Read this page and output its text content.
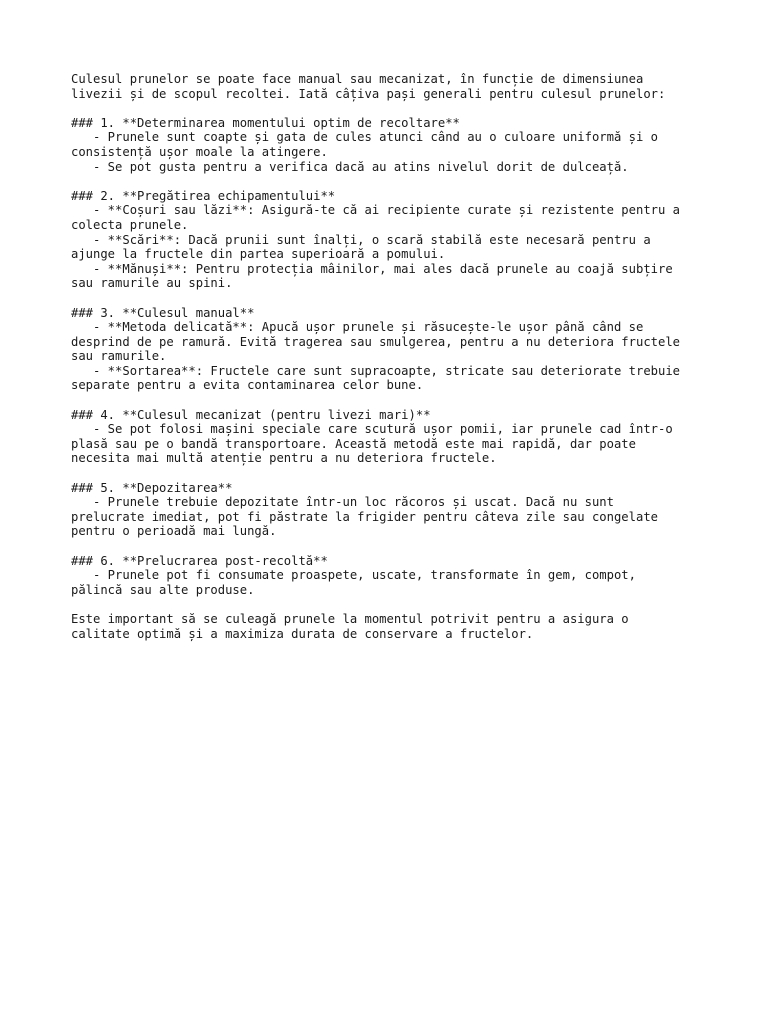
Culesul prunelor se poate face manual sau mecanizat, în funcție de dimensiunea
livezii și de scopul recoltei. Iată câțiva pași generali pentru culesul prunelor:
### 1. **Determinarea momentului optim de recoltare**
- Prunele sunt coapte și gata de cules atunci când au o culoare uniformă și o
consistență ușor moale la atingere.
- Se pot gusta pentru a verifica dacă au atins nivelul dorit de dulceață.
### 2. **Pregătirea echipamentului**
- **Coșuri sau lăzi**: Asigură-te că ai recipiente curate și rezistente pentru a
colecta prunele.
- **Scări**: Dacă prunii sunt înalți, o scară stabilă este necesară pentru a
ajunge la fructele din partea superioară a pomului.
- **Mănuși**: Pentru protecția mâinilor, mai ales dacă prunele au coajă subțire
sau ramurile au spini.
### 3. **Culesul manual**
- **Metoda delicată**: Apucă ușor prunele și răsucește-le ușor până când se
desprind de pe ramură. Evită tragerea sau smulgerea, pentru a nu deteriora fructele
sau ramurile.
- **Sortarea**: Fructele care sunt supracoapte, stricate sau deteriorate trebuie
separate pentru a evita contaminarea celor bune.
### 4. **Culesul mecanizat (pentru livezi mari)**
- Se pot folosi mașini speciale care scutură ușor pomii, iar prunele cad într-o
plasă sau pe o bandă transportoare. Această metodă este mai rapidă, dar poate
necesita mai multă atenție pentru a nu deteriora fructele.
### 5. **Depozitarea**
- Prunele trebuie depozitate într-un loc răcoros și uscat. Dacă nu sunt
prelucrate imediat, pot fi păstrate la frigider pentru câteva zile sau congelate
pentru o perioadă mai lungă.
### 6. **Prelucrarea post-recoltă**
- Prunele pot fi consumate proaspete, uscate, transformate în gem, compot,
pălincă sau alte produse.
Este important să se culeagă prunele la momentul potrivit pentru a asigura o
calitate optimă și a maximiza durata de conservare a fructelor.
